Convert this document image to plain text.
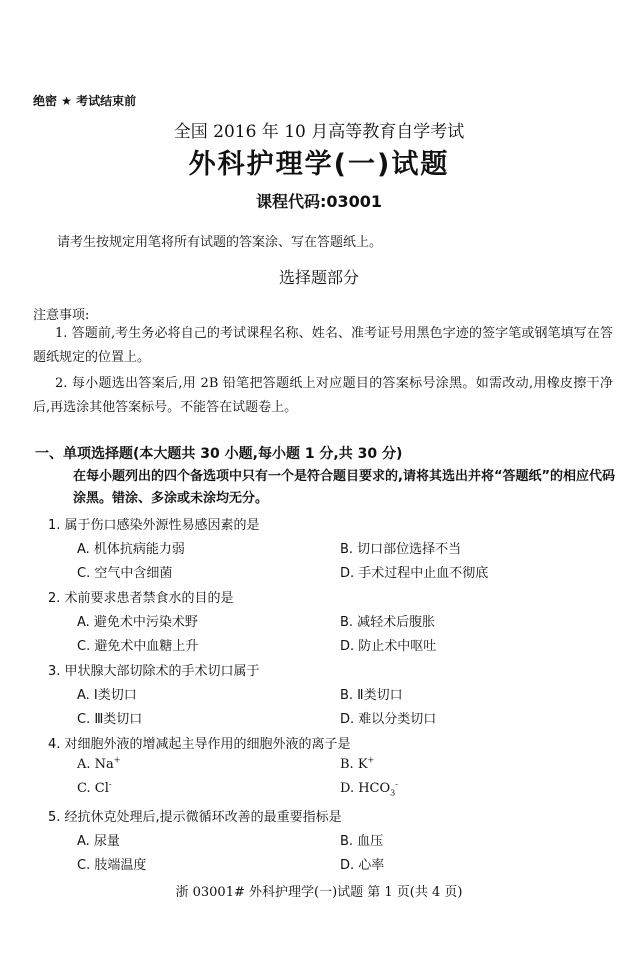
绝密 ★ 考试结束前
全国 2016 年 10 月高等教育自学考试
外科护理学(一)试题
课程代码:03001
请考生按规定用笔将所有试题的答案涂、写在答题纸上。
选择题部分
注意事项:
1. 答题前,考生务必将自己的考试课程名称、姓名、准考证号用黑色字迹的签字笔或钢笔填写在答题纸规定的位置上。
2. 每小题选出答案后,用 2B 铅笔把答题纸上对应题目的答案标号涂黑。如需改动,用橡皮擦干净后,再选涂其他答案标号。不能答在试题卷上。
一、单项选择题(本大题共 30 小题,每小题 1 分,共 30 分)
在每小题列出的四个备选项中只有一个是符合题目要求的,请将其选出并将“答题纸”的相应代码涂黑。错涂、多涂或未涂均无分。
1. 属于伤口感染外源性易感因素的是
A. 机体抗病能力弱	B. 切口部位选择不当
C. 空气中含细菌	D. 手术过程中止血不彻底
2. 术前要求患者禁食水的目的是
A. 避免术中污染术野	B. 减轻术后腹胀
C. 避免术中血糖上升	D. 防止术中呕吐
3. 甲状腺大部切除术的手术切口属于
A. Ⅰ类切口	B. Ⅱ类切口
C. Ⅲ类切口	D. 难以分类切口
4. 对细胞外液的增减起主导作用的细胞外液的离子是
A. Na+	B. K+
C. Cl-	D. $HCO_3^-$
5. 经抗休克处理后,提示微循环改善的最重要指标是
A. 尿量	B. 血压
C. 肢端温度	D. 心率
浙 03001# 外科护理学(一)试题 第 1 页(共 4 页)
